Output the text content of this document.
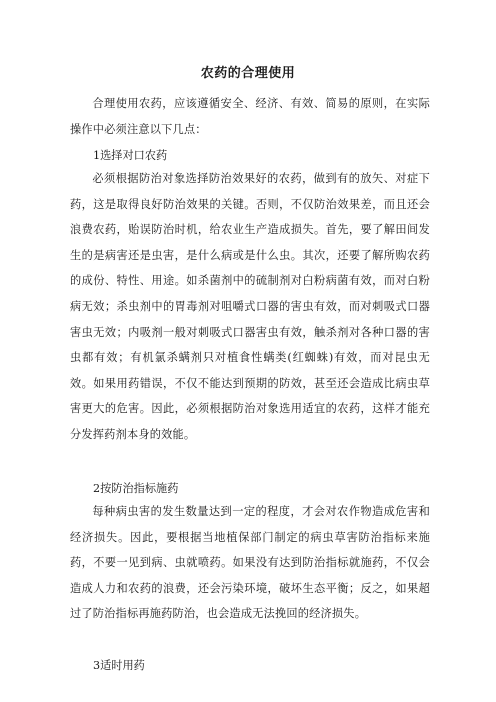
农药的合理使用

合理使用农药，应该遵循安全、经济、有效、简易的原则，在实际操作中必须注意以下几点：

1选择对口农药

必须根据防治对象选择防治效果好的农药，做到有的放矢、对症下药，这是取得良好防治效果的关键。否则，不仅防治效果差，而且还会浪费农药，贻误防治时机，给农业生产造成损失。首先，要了解田间发生的是病害还是虫害，是什么病或是什么虫。其次，还要了解所购农药的成份、特性、用途。如杀菌剂中的硫制剂对白粉病菌有效，而对白粉病无效；杀虫剂中的胃毒剂对咀嚼式口器的害虫有效，而对刺吸式口器害虫无效；内吸剂一般对刺吸式口器害虫有效，触杀剂对各种口器的害虫都有效；有机氯杀螨剂只对植食性螨类(红蜘蛛)有效，而对昆虫无效。如果用药错误，不仅不能达到预期的防效，甚至还会造成比病虫草害更大的危害。因此，必须根据防治对象选用适宜的农药，这样才能充分发挥药剂本身的效能。

2按防治指标施药

每种病虫害的发生数量达到一定的程度，才会对农作物造成危害和经济损失。因此，要根据当地植保部门制定的病虫草害防治指标来施药，不要一见到病、虫就喷药。如果没有达到防治指标就施药，不仅会造成人力和农药的浪费，还会污染环境，破坏生态平衡；反之，如果超过了防治指标再施药防治，也会造成无法挽回的经济损失。

3适时用药
